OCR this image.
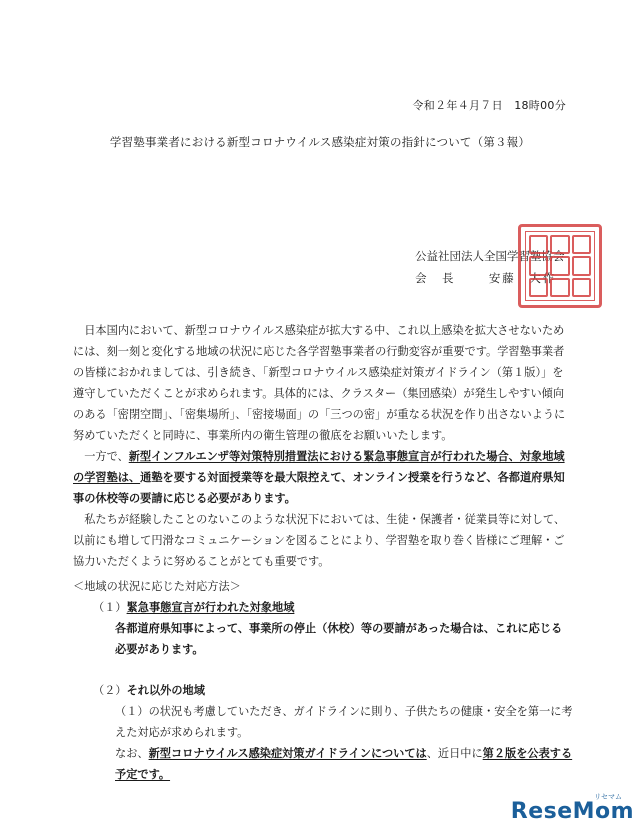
令和２年４月７日　18時00分
学習塾事業者における新型コロナウイルス感染症対策の指針について（第３報）
公益社団法人全国学習塾協会
会　長	安藤　大作

日本国内において、新型コロナウイルス感染症が拡大する中、これ以上感染を拡大させないためには、刻一刻と変化する地域の状況に応じた各学習塾事業者の行動変容が重要です。学習塾事業者の皆様におかれましては、引き続き、「新型コロナウイルス感染症対策ガイドライン（第１版）」を遵守していただくことが求められます。具体的には、クラスター（集団感染）が発生しやすい傾向のある「密閉空間」、「密集場所」、「密接場面」の「三つの密」が重なる状況を作り出さないように努めていただくと同時に、事業所内の衛生管理の徹底をお願いいたします。

一方で、新型インフルエンザ等対策特別措置法における緊急事態宣言が行われた場合、対象地域の学習塾は、通塾を要する対面授業等を最大限控えて、オンライン授業を行うなど、各都道府県知事の休校等の要請に応じる必要があります。

私たちが経験したことのないこのような状況下においては、生徒・保護者・従業員等に対して、以前にも増して円滑なコミュニケーションを図ることにより、学習塾を取り巻く皆様にご理解・ご協力いただくように努めることがとても重要です。

＜地域の状況に応じた対応方法＞
（１）緊急事態宣言が行われた対象地域
各都道府県知事によって、事業所の停止（休校）等の要請があった場合は、これに応じる必要があります。
（２）それ以外の地域
（１）の状況も考慮していただき、ガイドラインに則り、子供たちの健康・安全を第一に考えた対応が求められます。
なお、新型コロナウイルス感染症対策ガイドラインについては、近日中に第２版を公表する予定です。
ReseMom
リセマム
